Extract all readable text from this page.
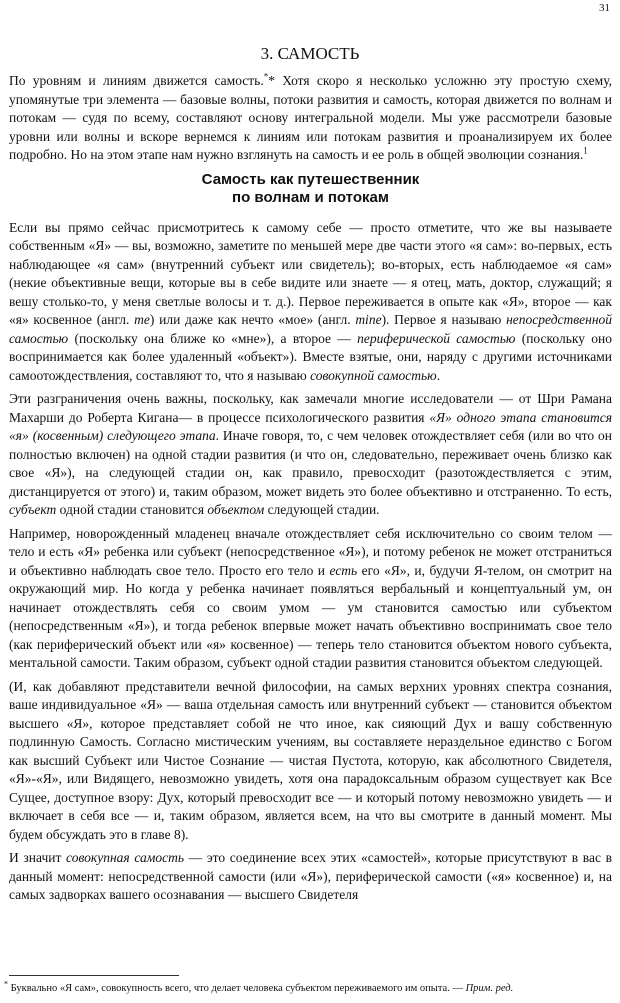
31
3. САМОСТЬ

По уровням и линиям движется самость.** Хотя скоро я несколько усложню эту простую схему, упомянутые три элемента — базовые волны, потоки развития и самость, которая движется по волнам и потокам — судя по всему, составляют основу интегральной модели. Мы уже рассмотрели базовые уровни или волны и вскоре вернемся к линиям или потокам развития и проанализируем их более подробно. Но на этом этапе нам нужно взглянуть на самость и ее роль в общей эволюции сознания.$^1$

Самость как путешественник
по волнам и потокам

Если вы прямо сейчас присмотритесь к самому себе — просто отметите, что же вы называете собственным «Я» — вы, возможно, заметите по меньшей мере две части этого «я сам»: во-первых, есть наблюдающее «я сам» (внутренний субъект или свидетель); во-вторых, есть наблюдаемое «я сам» (некие объективные вещи, которые вы в себе видите или знаете — я отец, мать, доктор, служащий; я вешу столько-то, у меня светлые волосы и т. д.). Первое переживается в опыте как «Я», второе — как «я» косвенное (англ. me) или даже как нечто «мое» (англ. mine). Первое я называю непосредственной самостью (поскольку она ближе ко «мне»), а второе — периферической самостью (поскольку оно воспринимается как более удаленный «объект»). Вместе взятые, они, наряду с другими источниками самоотождествления, составляют то, что я называю совокупной самостью.

Эти разграничения очень важны, поскольку, как замечали многие исследователи — от Шри Рамана Махарши до Роберта Кигана— в процессе психологического развития «Я» одного этапа становится «я» (косвенным) следующего этапа. Иначе говоря, то, с чем человек отождествляет себя (или во что он полностью включен) на одной стадии развития (и что он, следовательно, переживает очень близко как свое «Я»), на следующей стадии он, как правило, превосходит (разотождествляется с этим, дистанцируется от этого) и, таким образом, может видеть это более объективно и отстраненно. То есть, субъект одной стадии становится объектом следующей стадии.

Например, новорожденный младенец вначале отождествляет себя исключительно со своим телом — тело и есть «Я» ребенка или субъект (непосредственное «Я»), и потому ребенок не может отстраниться и объективно наблюдать свое тело. Просто его тело и есть его «Я», и, будучи Я-телом, он смотрит на окружающий мир. Но когда у ребенка начинает появляться вербальный и концептуальный ум, он начинает отождествлять себя со своим умом — ум становится самостью или субъектом (непосредственным «Я»), и тогда ребенок впервые может начать объективно воспринимать свое тело (как периферический объект или «я» косвенное) — теперь тело становится объектом нового субъекта, ментальной самости. Таким образом, субъект одной стадии развития становится объектом следующей.

(И, как добавляют представители вечной философии, на самых верхних уровнях спектра сознания, ваше индивидуальное «Я» — ваша отдельная самость или внутренний субъект — становится объектом высшего «Я», которое представляет собой не что иное, как сияющий Дух и вашу собственную подлинную Самость. Согласно мистическим учениям, вы составляете нераздельное единство с Богом как высший Субъект или Чистое Сознание — чистая Пустота, которую, как абсолютного Свидетеля, «Я»-«Я», или Видящего, невозможно увидеть, хотя она парадоксальным образом существует как Все Сущее, доступное взору: Дух, который превосходит все — и который потому невозможно увидеть — и включает в себя все — и, таким образом, является всем, на что вы смотрите в данный момент. Мы будем обсуждать это в главе 8).

И значит совокупная самость — это соединение всех этих «самостей», которые присутствуют в вас в данный момент: непосредственной самости (или «Я»), периферической самости («я» косвенное) и, на самых задворках вашего осознавания — высшего Свидетеля

* Буквально «Я сам», совокупность всего, что делает человека субъектом переживаемого им опыта. — Прим. ред.
